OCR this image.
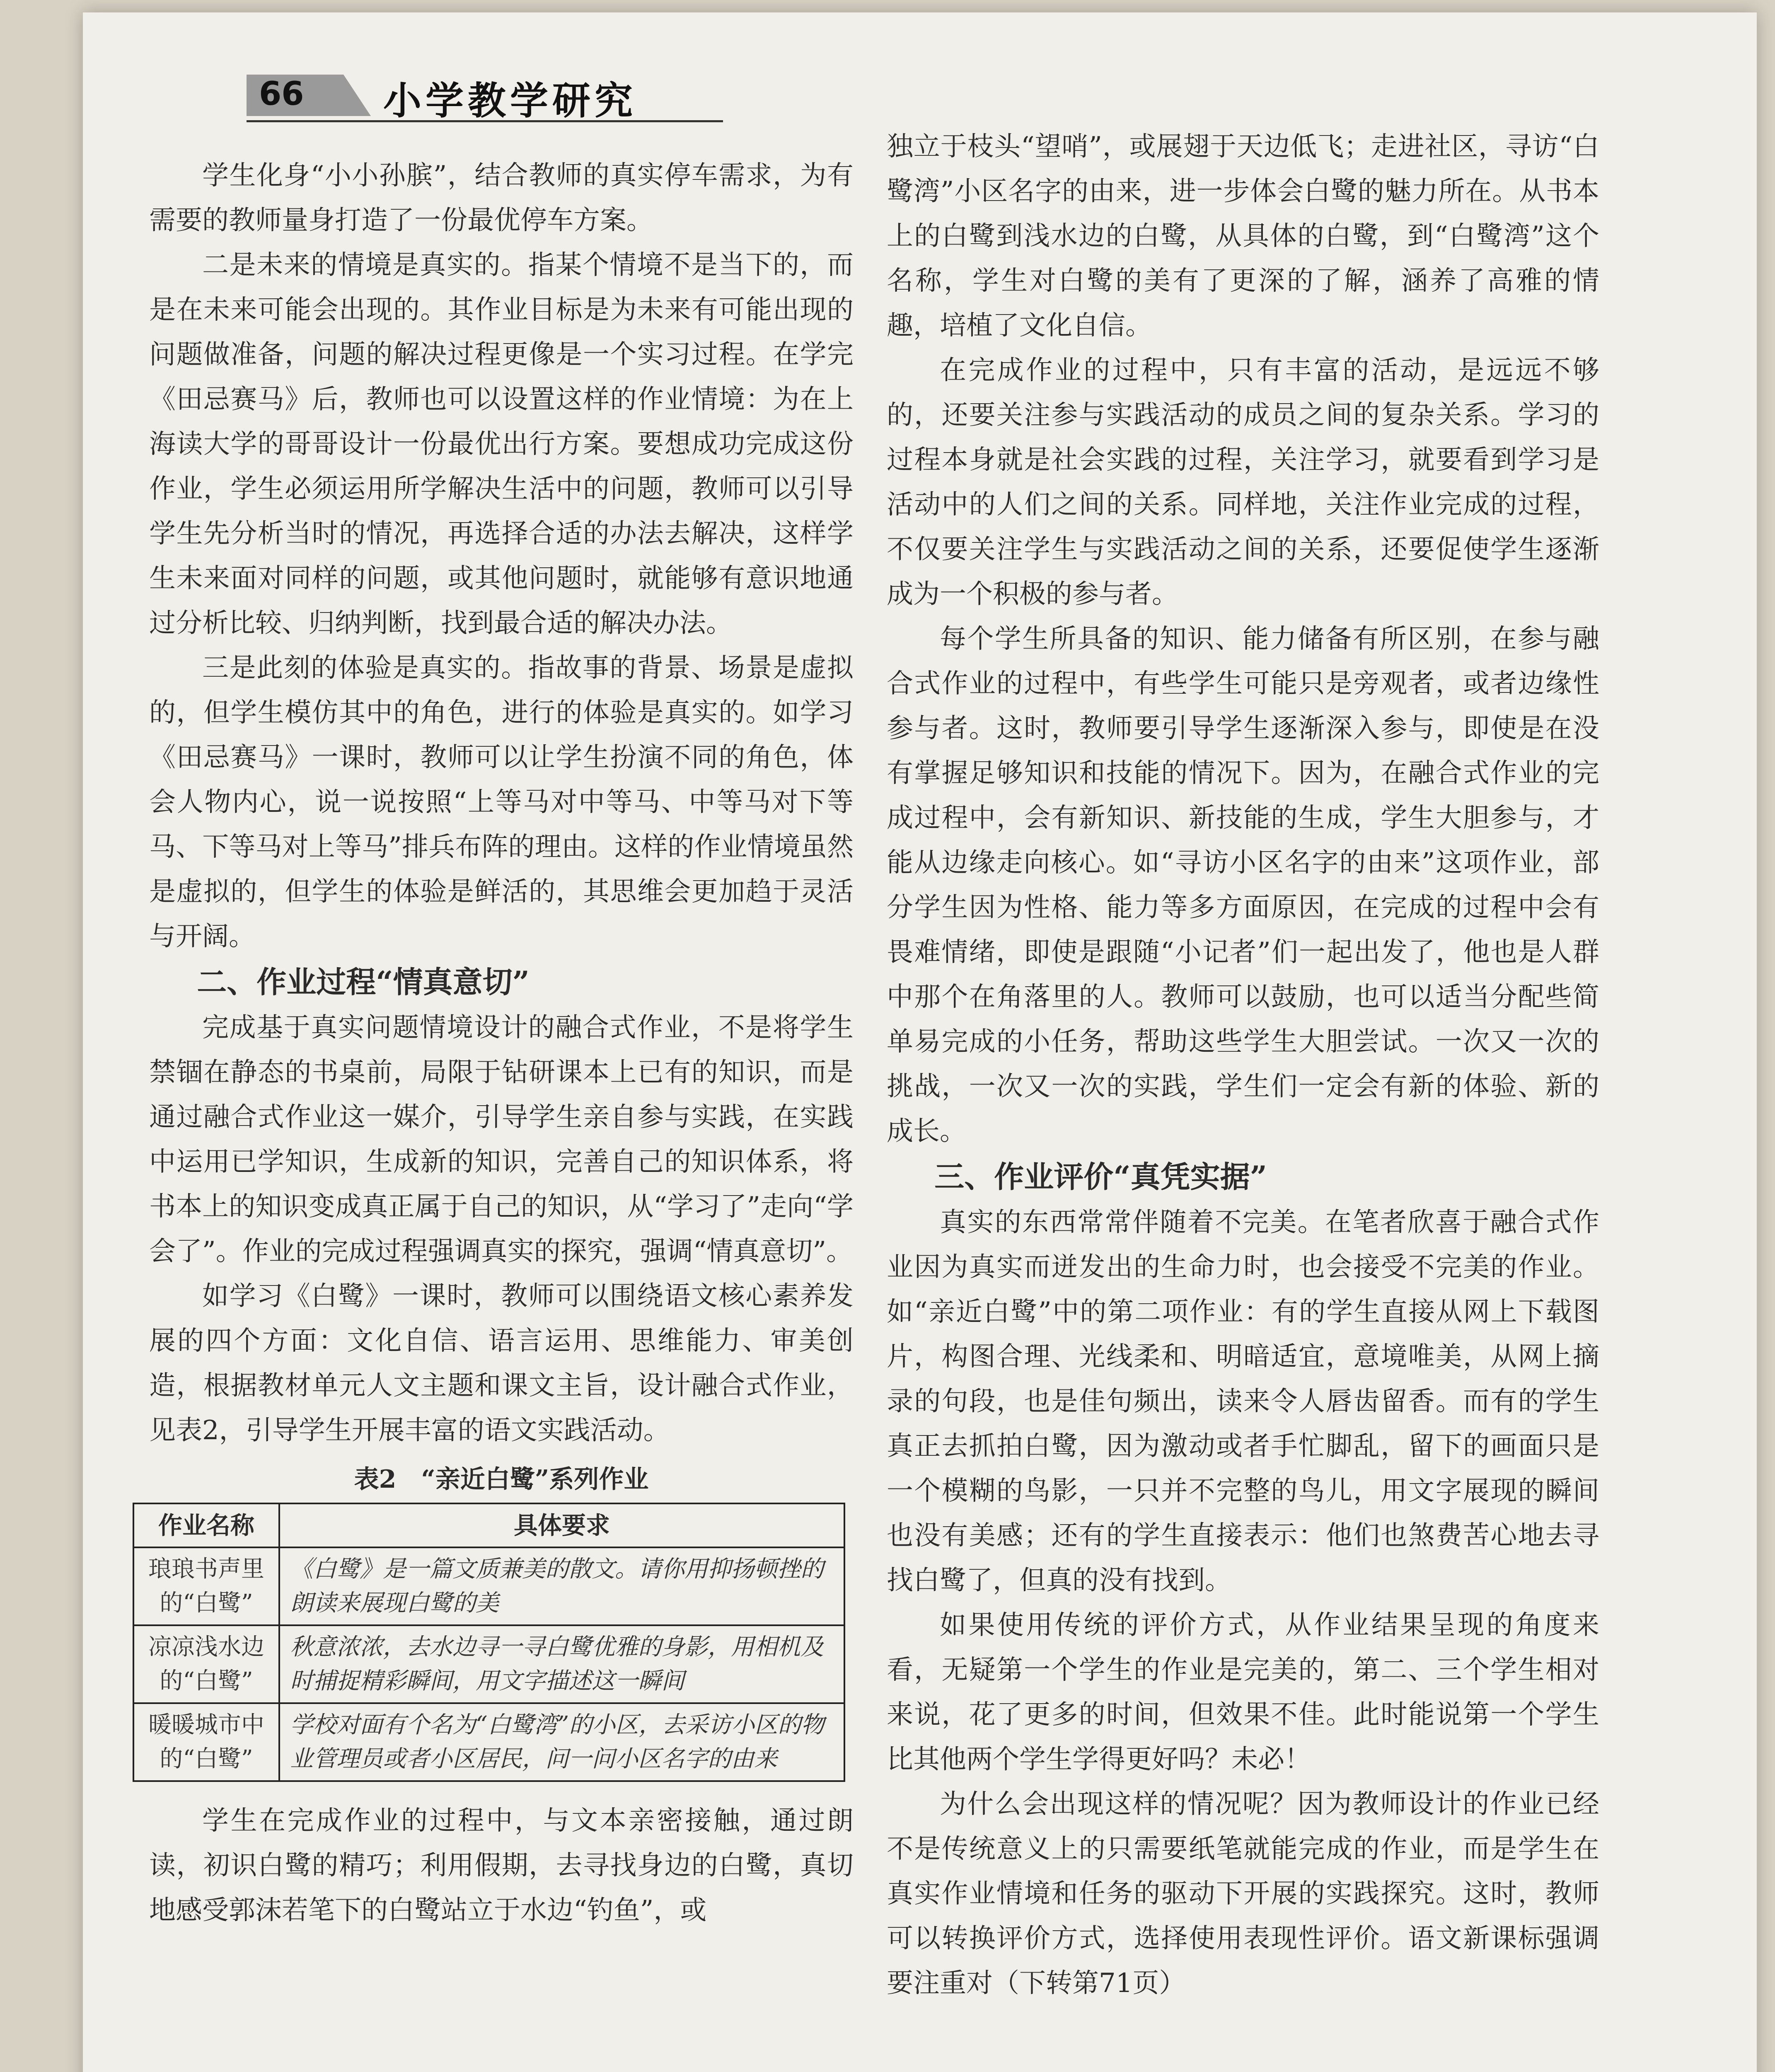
66 小学教学研究

学生化身“小小孙膑”，结合教师的真实停车需求，为有需要的教师量身打造了一份最优停车方案。

二是未来的情境是真实的。指某个情境不是当下的，而是在未来可能会出现的。其作业目标是为未来有可能出现的问题做准备，问题的解决过程更像是一个实习过程。在学完《田忌赛马》后，教师也可以设置这样的作业情境：为在上海读大学的哥哥设计一份最优出行方案。要想成功完成这份作业，学生必须运用所学解决生活中的问题，教师可以引导学生先分析当时的情况，再选择合适的办法去解决，这样学生未来面对同样的问题，或其他问题时，就能够有意识地通过分析比较、归纳判断，找到最合适的解决办法。

三是此刻的体验是真实的。指故事的背景、场景是虚拟的，但学生模仿其中的角色，进行的体验是真实的。如学习《田忌赛马》一课时，教师可以让学生扮演不同的角色，体会人物内心，说一说按照“上等马对中等马、中等马对下等马、下等马对上等马”排兵布阵的理由。这样的作业情境虽然是虚拟的，但学生的体验是鲜活的，其思维会更加趋于灵活与开阔。

二、作业过程“情真意切”

完成基于真实问题情境设计的融合式作业，不是将学生禁锢在静态的书桌前，局限于钻研课本上已有的知识，而是通过融合式作业这一媒介，引导学生亲自参与实践，在实践中运用已学知识，生成新的知识，完善自己的知识体系，将书本上的知识变成真正属于自己的知识，从“学习了”走向“学会了”。作业的完成过程强调真实的探究，强调“情真意切”。

如学习《白鹭》一课时，教师可以围绕语文核心素养发展的四个方面：文化自信、语言运用、思维能力、审美创造，根据教材单元人文主题和课文主旨，设计融合式作业，见表2，引导学生开展丰富的语文实践活动。

表2　“亲近白鹭”系列作业
作业名称	具体要求
琅琅书声里的“白鹭”	《白鹭》是一篇文质兼美的散文。请你用抑扬顿挫的朗读来展现白鹭的美
凉凉浅水边的“白鹭”	秋意浓浓，去水边寻一寻白鹭优雅的身影，用相机及时捕捉精彩瞬间，用文字描述这一瞬间
暖暖城市中的“白鹭”	学校对面有个名为“白鹭湾”的小区，去采访小区的物业管理员或者小区居民，问一问小区名字的由来

学生在完成作业的过程中，与文本亲密接触，通过朗读，初识白鹭的精巧；利用假期，去寻找身边的白鹭，真切地感受郭沫若笔下的白鹭站立于水边“钓鱼”，或

独立于枝头“望哨”，或展翅于天边低飞；走进社区，寻访“白鹭湾”小区名字的由来，进一步体会白鹭的魅力所在。从书本上的白鹭到浅水边的白鹭，从具体的白鹭，到“白鹭湾”这个名称，学生对白鹭的美有了更深的了解，涵养了高雅的情趣，培植了文化自信。

在完成作业的过程中，只有丰富的活动，是远远不够的，还要关注参与实践活动的成员之间的复杂关系。学习的过程本身就是社会实践的过程，关注学习，就要看到学习是活动中的人们之间的关系。同样地，关注作业完成的过程，不仅要关注学生与实践活动之间的关系，还要促使学生逐渐成为一个积极的参与者。

每个学生所具备的知识、能力储备有所区别，在参与融合式作业的过程中，有些学生可能只是旁观者，或者边缘性参与者。这时，教师要引导学生逐渐深入参与，即使是在没有掌握足够知识和技能的情况下。因为，在融合式作业的完成过程中，会有新知识、新技能的生成，学生大胆参与，才能从边缘走向核心。如“寻访小区名字的由来”这项作业，部分学生因为性格、能力等多方面原因，在完成的过程中会有畏难情绪，即使是跟随“小记者”们一起出发了，他也是人群中那个在角落里的人。教师可以鼓励，也可以适当分配些简单易完成的小任务，帮助这些学生大胆尝试。一次又一次的挑战，一次又一次的实践，学生们一定会有新的体验、新的成长。

三、作业评价“真凭实据”

真实的东西常常伴随着不完美。在笔者欣喜于融合式作业因为真实而迸发出的生命力时，也会接受不完美的作业。如“亲近白鹭”中的第二项作业：有的学生直接从网上下载图片，构图合理、光线柔和、明暗适宜，意境唯美，从网上摘录的句段，也是佳句频出，读来令人唇齿留香。而有的学生真正去抓拍白鹭，因为激动或者手忙脚乱，留下的画面只是一个模糊的鸟影，一只并不完整的鸟儿，用文字展现的瞬间也没有美感；还有的学生直接表示：他们也煞费苦心地去寻找白鹭了，但真的没有找到。

如果使用传统的评价方式，从作业结果呈现的角度来看，无疑第一个学生的作业是完美的，第二、三个学生相对来说，花了更多的时间，但效果不佳。此时能说第一个学生比其他两个学生学得更好吗？未必！

为什么会出现这样的情况呢？因为教师设计的作业已经不是传统意义上的只需要纸笔就能完成的作业，而是学生在真实作业情境和任务的驱动下开展的实践探究。这时，教师可以转换评价方式，选择使用表现性评价。语文新课标强调要注重对（下转第71页）
